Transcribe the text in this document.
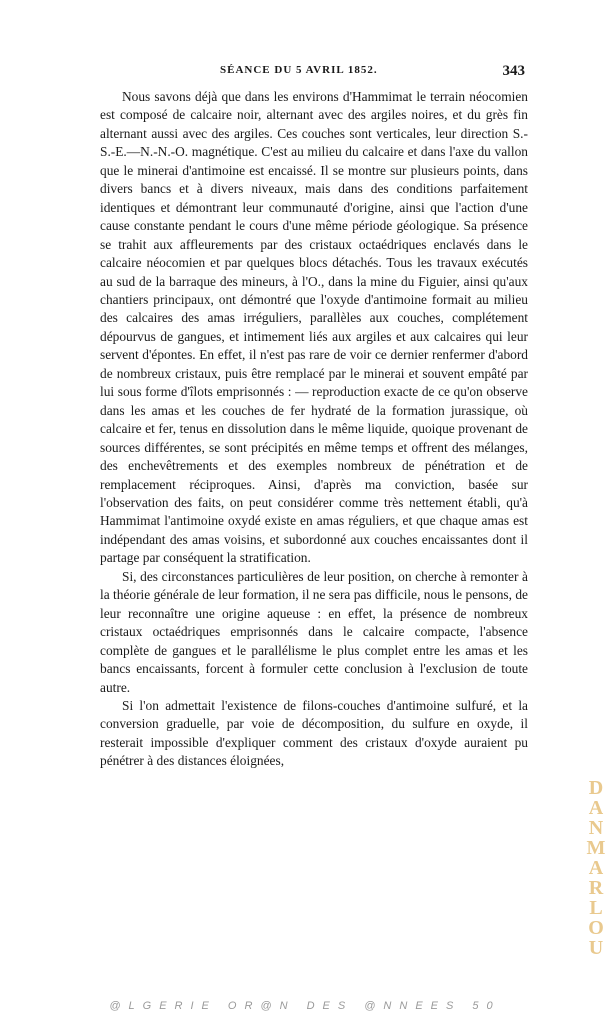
SÉANCE DU 5 AVRIL 1852.	343

Nous savons déjà que dans les environs d'Hammimat le terrain néocomien est composé de calcaire noir, alternant avec des argiles noires, et du grès fin alternant aussi avec des argiles. Ces couches sont verticales, leur direction S.-S.-E.—N.-N.-O. magnétique. C'est au milieu du calcaire et dans l'axe du vallon que le minerai d'antimoine est encaissé. Il se montre sur plusieurs points, dans divers bancs et à divers niveaux, mais dans des conditions parfaitement identiques et démontrant leur communauté d'origine, ainsi que l'action d'une cause constante pendant le cours d'une même période géologique. Sa présence se trahit aux affleurements par des cristaux octaédriques enclavés dans le calcaire néocomien et par quelques blocs détachés. Tous les travaux exécutés au sud de la barraque des mineurs, à l'O., dans la mine du Figuier, ainsi qu'aux chantiers principaux, ont démontré que l'oxyde d'antimoine formait au milieu des calcaires des amas irréguliers, parallèles aux couches, complétement dépourvus de gangues, et intimement liés aux argiles et aux calcaires qui leur servent d'épontes. En effet, il n'est pas rare de voir ce dernier renfermer d'abord de nombreux cristaux, puis être remplacé par le minerai et souvent empâté par lui sous forme d'îlots emprisonnés : — reproduction exacte de ce qu'on observe dans les amas et les couches de fer hydraté de la formation jurassique, où calcaire et fer, tenus en dissolution dans le même liquide, quoique provenant de sources différentes, se sont précipités en même temps et offrent des mélanges, des enchevêtrements et des exemples nombreux de pénétration et de remplacement réciproques. Ainsi, d'après ma conviction, basée sur l'observation des faits, on peut considérer comme très nettement établi, qu'à Hammimat l'antimoine oxydé existe en amas réguliers, et que chaque amas est indépendant des amas voisins, et subordonné aux couches encaissantes dont il partage par conséquent la stratification.

Si, des circonstances particulières de leur position, on cherche à remonter à la théorie générale de leur formation, il ne sera pas difficile, nous le pensons, de leur reconnaître une origine aqueuse : en effet, la présence de nombreux cristaux octaédriques emprisonnés dans le calcaire compacte, l'absence complète de gangues et le parallélisme le plus complet entre les amas et les bancs encaissants, forcent à formuler cette conclusion à l'exclusion de toute autre.

Si l'on admettait l'existence de filons-couches d'antimoine sulfuré, et la conversion graduelle, par voie de décomposition, du sulfure en oxyde, il resterait impossible d'expliquer comment des cristaux d'oxyde auraient pu pénétrer à des distances éloignées,

DANMARLOU
@LGERIE OR@N DES @NNEES 50
